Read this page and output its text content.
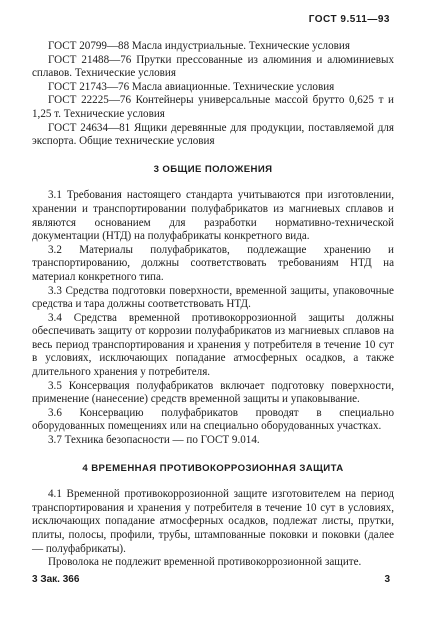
ГОСТ 9.511—93

ГОСТ 20799—88 Масла индустриальные. Технические условия

ГОСТ 21488—76 Прутки прессованные из алюминия и алюминиевых сплавов. Технические условия

ГОСТ 21743—76 Масла авиационные. Технические условия

ГОСТ 22225—76 Контейнеры универсальные массой брутто 0,625 т и 1,25 т. Технические условия

ГОСТ 24634—81 Ящики деревянные для продукции, поставляемой для экспорта. Общие технические условия

3 ОБЩИЕ ПОЛОЖЕНИЯ

3.1 Требования настоящего стандарта учитываются при изготовлении, хранении и транспортировании полуфабрикатов из магниевых сплавов и являются основанием для разработки нормативно-технической документации (НТД) на полуфабрикаты конкретного вида.

3.2 Материалы полуфабрикатов, подлежащие хранению и транспортированию, должны соответствовать требованиям НТД на материал конкретного типа.

3.3 Средства подготовки поверхности, временной защиты, упаковочные средства и тара должны соответствовать НТД.

3.4 Средства временной противокоррозионной защиты должны обеспечивать защиту от коррозии полуфабрикатов из магниевых сплавов на весь период транспортирования и хранения у потребителя в течение 10 сут в условиях, исключающих попадание атмосферных осадков, а также длительного хранения у потребителя.

3.5 Консервация полуфабрикатов включает подготовку поверхности, применение (нанесение) средств временной защиты и упаковывание.

3.6 Консервацию полуфабрикатов проводят в специально оборудованных помещениях или на специально оборудованных участках.

3.7 Техника безопасности — по ГОСТ 9.014.

4 ВРЕМЕННАЯ ПРОТИВОКОРРОЗИОННАЯ ЗАЩИТА

4.1 Временной противокоррозионной защите изготовителем на период транспортирования и хранения у потребителя в течение 10 сут в условиях, исключающих попадание атмосферных осадков, подлежат листы, прутки, плиты, полосы, профили, трубы, штампованные поковки и поковки (далее — полуфабрикаты).

Проволока не подлежит временной противокоррозионной защите.

3 Зак. 366	3
